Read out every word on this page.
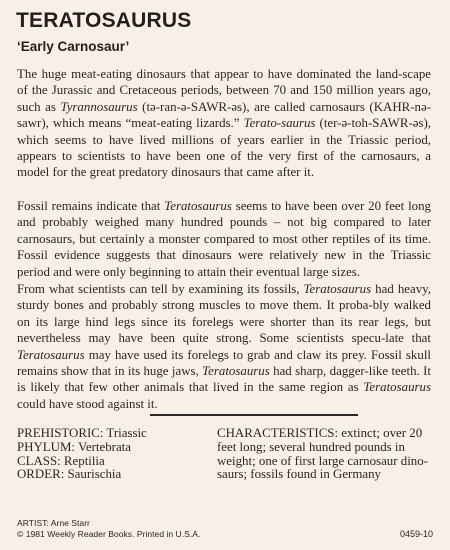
TERATOSAURUS
‘Early Carnosaur’

The huge meat-eating dinosaurs that appear to have dominated the land-scape of the Jurassic and Cretaceous periods, between 70 and 150 million years ago, such as Tyrannosaurus (tə-ran-ə-SAWR-əs), are called carnosaurs (KAHR-nə-sawr), which means “meat-eating lizards.” Terato-saurus (ter-ə-toh-SAWR-əs), which seems to have lived millions of years earlier in the Triassic period, appears to scientists to have been one of the very first of the carnosaurs, a model for the great predatory dinosaurs that came after it.

Fossil remains indicate that Teratosaurus seems to have been over 20 feet long and probably weighed many hundred pounds – not big compared to later carnosaurs, but certainly a monster compared to most other reptiles of its time. Fossil evidence suggests that dinosaurs were relatively new in the Triassic period and were only beginning to attain their eventual large sizes.

From what scientists can tell by examining its fossils, Teratosaurus had heavy, sturdy bones and probably strong muscles to move them. It proba-bly walked on its large hind legs since its forelegs were shorter than its rear legs, but nevertheless may have been quite strong. Some scientists specu-late that Teratosaurus may have used its forelegs to grab and claw its prey. Fossil skull remains show that in its huge jaws, Teratosaurus had sharp, dagger-like teeth. It is likely that few other animals that lived in the same region as Teratosaurus could have stood against it.

PREHISTORIC: Triassic
PHYLUM: Vertebrata
CLASS: Reptilia
ORDER: Saurischia
CHARACTERISTICS: extinct; over 20 feet long; several hundred pounds in weight; one of first large carnosaur dino-saurs; fossils found in Germany
ARTIST: Arne Starr
© 1981 Weekly Reader Books. Printed in U.S.A.	0459-10
